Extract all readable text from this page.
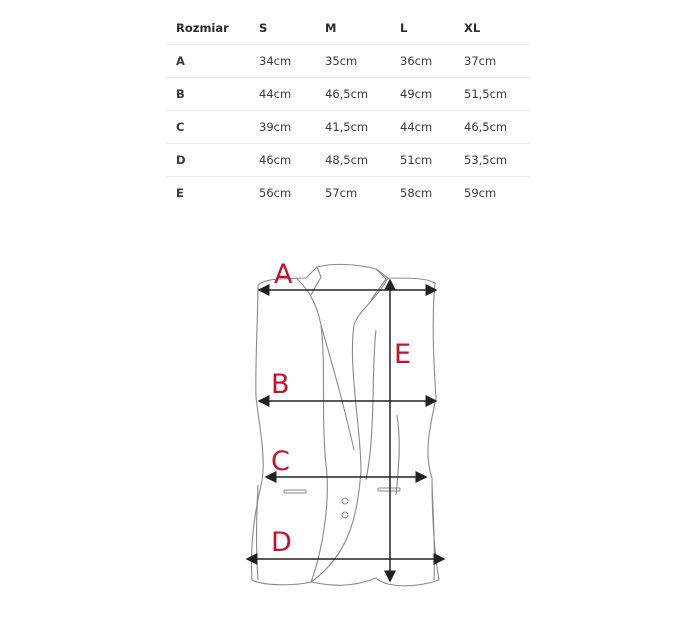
Rozmiar	S	M	L	XL
A	34cm	35cm	36cm	37cm
B	44cm	46,5cm	49cm	51,5cm
C	39cm	41,5cm	44cm	46,5cm
D	46cm	48,5cm	51cm	53,5cm
E	56cm	57cm	58cm	59cm
A
B
C
D
E
